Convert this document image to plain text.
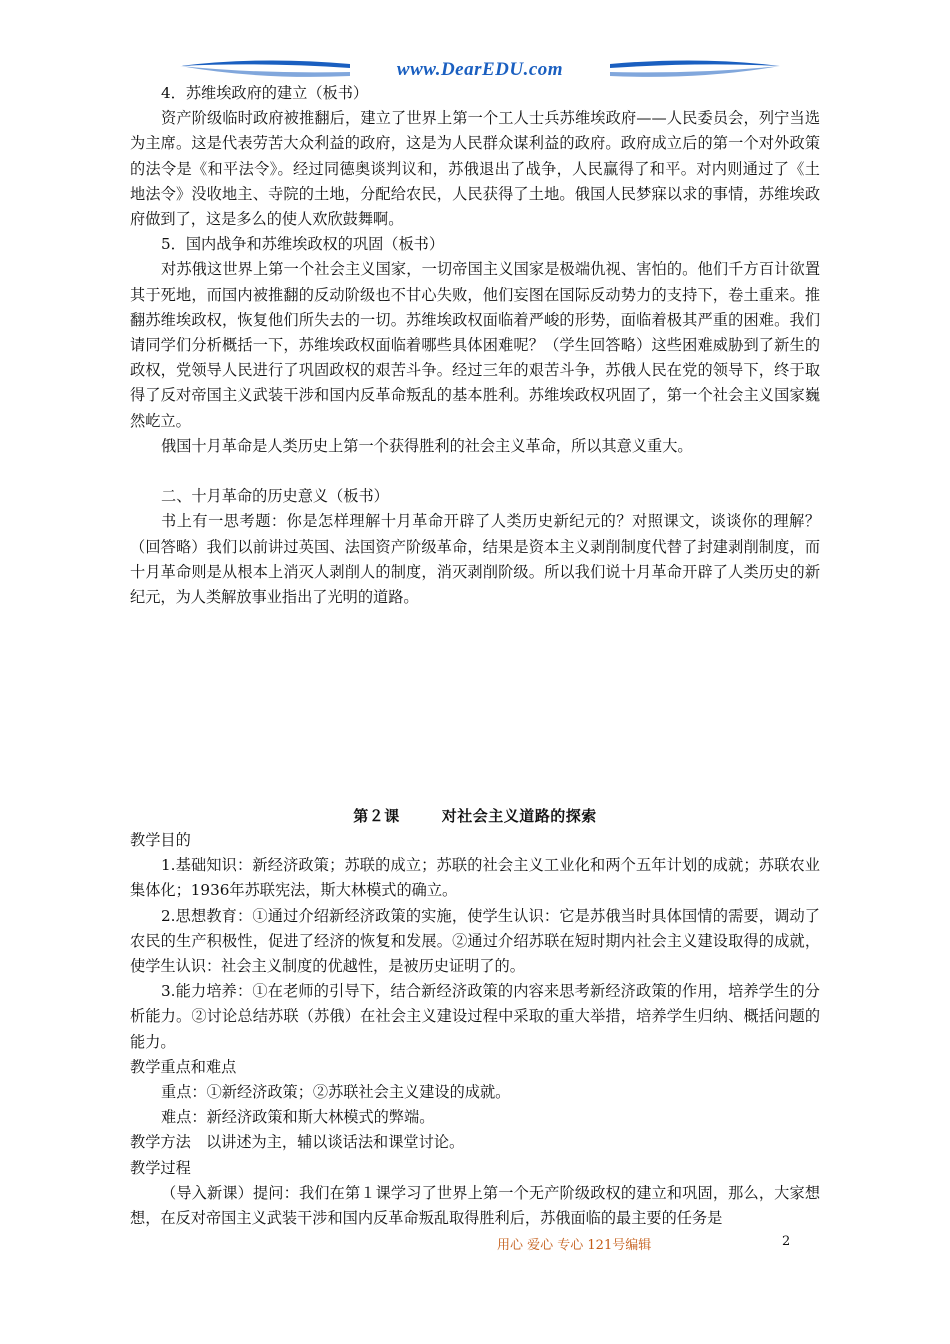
www.DearEDU.com

4．苏维埃政府的建立（板书）

资产阶级临时政府被推翻后，建立了世界上第一个工人士兵苏维埃政府——人民委员会，列宁当选为主席。这是代表劳苦大众利益的政府，这是为人民群众谋利益的政府。政府成立后的第一个对外政策的法令是《和平法令》。经过同德奥谈判议和，苏俄退出了战争，人民赢得了和平。对内则通过了《土地法令》没收地主、寺院的土地，分配给农民，人民获得了土地。俄国人民梦寐以求的事情，苏维埃政府做到了，这是多么的使人欢欣鼓舞啊。

5．国内战争和苏维埃政权的巩固（板书）

对苏俄这世界上第一个社会主义国家，一切帝国主义国家是极端仇视、害怕的。他们千方百计欲置其于死地，而国内被推翻的反动阶级也不甘心失败，他们妄图在国际反动势力的支持下，卷土重来。推翻苏维埃政权，恢复他们所失去的一切。苏维埃政权面临着严峻的形势，面临着极其严重的困难。我们请同学们分析概括一下，苏维埃政权面临着哪些具体困难呢？（学生回答略）这些困难威胁到了新生的政权，党领导人民进行了巩固政权的艰苦斗争。经过三年的艰苦斗争，苏俄人民在党的领导下，终于取得了反对帝国主义武装干涉和国内反革命叛乱的基本胜利。苏维埃政权巩固了，第一个社会主义国家巍然屹立。

俄国十月革命是人类历史上第一个获得胜利的社会主义革命，所以其意义重大。

二、十月革命的历史意义（板书）

书上有一思考题：你是怎样理解十月革命开辟了人类历史新纪元的？对照课文，谈谈你的理解？（回答略）我们以前讲过英国、法国资产阶级革命，结果是资本主义剥削制度代替了封建剥削制度，而十月革命则是从根本上消灭人剥削人的制度，消灭剥削阶级。所以我们说十月革命开辟了人类历史的新纪元，为人类解放事业指出了光明的道路。

第２课	对社会主义道路的探索

教学目的

1.基础知识：新经济政策；苏联的成立；苏联的社会主义工业化和两个五年计划的成就；苏联农业集体化；1936年苏联宪法，斯大林模式的确立。

2.思想教育：①通过介绍新经济政策的实施，使学生认识：它是苏俄当时具体国情的需要，调动了农民的生产积极性，促进了经济的恢复和发展。②通过介绍苏联在短时期内社会主义建设取得的成就，使学生认识：社会主义制度的优越性，是被历史证明了的。

3.能力培养：①在老师的引导下，结合新经济政策的内容来思考新经济政策的作用，培养学生的分析能力。②讨论总结苏联（苏俄）在社会主义建设过程中采取的重大举措，培养学生归纳、概括问题的能力。

教学重点和难点

重点：①新经济政策；②苏联社会主义建设的成就。

难点：新经济政策和斯大林模式的弊端。

教学方法　以讲述为主，辅以谈话法和课堂讨论。

教学过程

（导入新课）提问：我们在第１课学习了世界上第一个无产阶级政权的建立和巩固，那么，大家想想，在反对帝国主义武装干涉和国内反革命叛乱取得胜利后，苏俄面临的最主要的任务是

用心 爱心 专心 121号编辑	2
